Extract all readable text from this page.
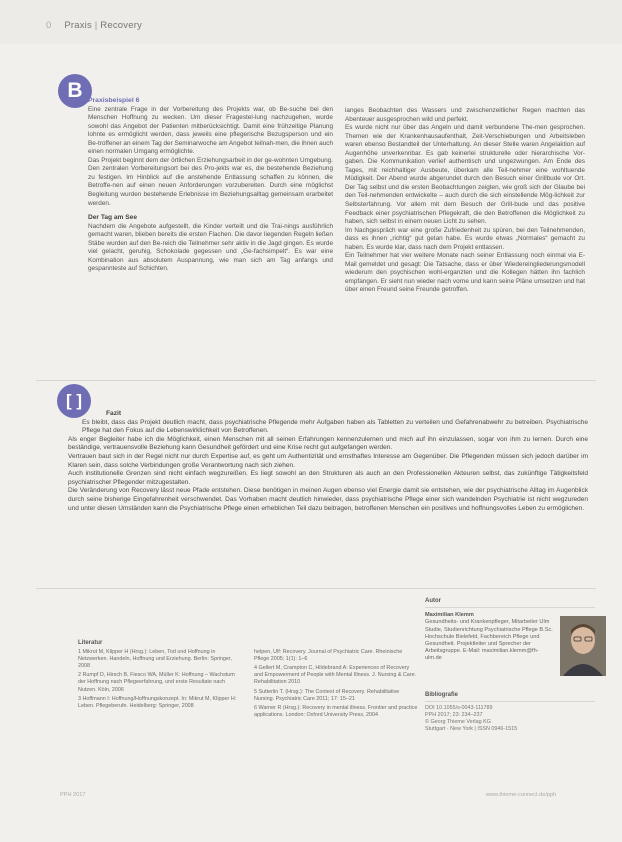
0 Praxis | Recovery
B Praxisbeispiel 6

Eine zentrale Frage in der Vorbereitung des Projekts war, ob Be-suche bei den Menschen Hoffnung zu wecken. Um dieser Fragestel-lung nachzugehen, wurde sowohl das Angebot der Patienten mitberücksichtigt. Damit eine frühzeitige Planung lohnte es ermöglicht werden, dass jeweils eine pflegerische Bezugsperson und ein Be-troffener an einem Tag der Seminarwoche am Angebot teilnah-men, die ihnen auch einen normalen Umgang ermöglichte.

Das Projekt beginnt dem der örtlichen Erziehungsarbeit in der ge-wohnten Umgebung. Den zentralen Vorbereitungsort bei des Pro-jekts war es, die bestehende Beziehung zu festigen. Im Hinblick auf die anstehende Entlassung schaffen zu können, die Betroffe-nen auf einen neuen Anforderungen vorzubereiten. Durch eine möglichst Begleitung wurden bestehende Erlebnisse im Beziehungsalltag gemeinsam erarbeitet werden.

Der Tag am See

Nachdem die Angebote aufgestellt, die Kinder verteilt und die Trai-nings ausführlich gemacht waren, blieben bereits die ersten Flachen. Die davor liegenden Regeln ließen Stäbe wurden auf den Be-reich die Teilnehmer sehr aktiv in die Jagd gingen. Es wurde viel gelacht, geruhig, Schokolade gegessen und „Ge-fachsimpelt“. Es war eine Kombination aus absolutem Auspannung, wie man sich am Tag anfangs und gespannteste auf Schichten.

langes Beobachten des Wassers und zwischenzeitlicher Regen machten das Abenteuer ausgesprochen wild und perfekt.

Es wurde nicht nur über das Angeln und damit verbundene The-men gesprochen. Themen wie der Krankenhausaufenthalt, Zeit-Verschiebungen und Arbeitsleben waren ebenso Bestandteil der Unterhaltung. An dieser Stelle waren Angelaktion auf Augenhöhe unverkennbar. Es gab keinerlei strukturelle oder hierarchische Vor-gaben. Die Kommunikation verlief authentisch und ungezwungen. Am Ende des Tages, mit reichhaltiger Ausbeute, überkam alle Teil-nehmer eine wohltuende Müdigkeit. Der Abend wurde abgerundet durch den Besuch einer Grillbude vor Ort. Der Tag selbst und die ersten Beobachtungen zeigten, wie groß sich der Glaube bei den Teil-nehmenden entwickelte – auch durch die sich einstellende Mög-lichkeit zur Selbsterfahrung. Vor allem mit dem Besuch der Grill-bude und das positive Feedback einer psychiatrischen Pflegekraft, die den Betroffenen die Möglichkeit zu haben, sich selbst in einem neuen Licht zu sehen.

Im Nachgespräch war eine große Zufriedenheit zu spüren, bei den Teilnehmenden, dass es ihnen „richtig“ gut getan habe. Es wurde etwas „Normales“ gemacht zu haben. Es wurde klar, dass nach dem Projekt entlassen.

Ein Teilnehmer hat vier weitere Monate nach seiner Entlassung noch einmal via E-Mail gemeldet und gesagt: Die Tatsache, dass er über Wiedereingliederungsmodell wiederum den psychischen wohl-erganzten und die Kollegen hätten ihn fachlich empfangen. Er sieht nun wieder nach vorne und kann seine Pläne umsetzen und hat über einen Freund seine Freunde getroffen.

[ ]

Fazit

Es bleibt, dass das Projekt deutlich macht, dass psychiatrische Pflegende mehr Aufgaben haben als Tabletten zu verteilen und Gefahrenabwehr zu betreiben. Psychiatrische Pflege hat den Fokus auf die Lebenswirklichkeit von Betroffenen.

Als enger Begleiter habe ich die Möglichkeit, einen Menschen mit all seinen Erfahrungen kennenzulernen und mich auf ihn einzulassen, sogar von ihm zu lernen. Durch eine beständige, vertrauensvolle Beziehung kann Gesundheit gefördert und eine Krise recht gut aufgefangen werden.

Vertrauen baut sich in der Regel nicht nur durch Expertise auf, es geht um Authentizität und ernsthaftes Interesse am Gegenüber. Die Pflegenden müssen sich jedoch darüber im Klaren sein, dass solche Verbindungen große Verantwortung nach sich ziehen.

Auch institutionelle Grenzen sind nicht einfach wegzureißen. Es liegt sowohl an den Strukturen als auch an den Professionellen Akteuren selbst, das zukünftige Tätigkeitsfeld psychiatrischer Pflegender mitzugestalten.

Die Veränderung von Recovery lässt neue Pfade entstehen. Diese benötigen in meinen Augen ebenso viel Energie damit sie entstehen, wie der psychiatrische Alltag im Augenblick durch seine bisherige Eingefahrenheit verschwendet. Das Vorhaben macht deutlich hinwieder, dass psychiatrische Pflege einer sich wandelnden Psychiatrie ist nicht wegzureden und unter diesen Umständen kann die Psychiatrische Pflege einen erheblichen Teil dazu beitragen, betroffenen Menschen ein positives und hoffnungsvolles Leben zu ermöglichen.

Literatur

1 Mikrut M, Klipper H (Hrsg.): Leben, Tod und Hoffnung in Netzwerken. Handeln, Hoffnung und Erziehung. Berlin: Springer, 2008

2 Rumpf D, Hirsch B, Fiesco WA, Müller K: Hoffnung – Wachstum der Hoffnung nach Pflegeerfahrung, und erste Resultate nach Nutzen. Köln, 2006

3 Hoffmann I: Hoffnung/Hoffnungskonzept. In: Mikrut M, Klipper H: Leben. Pflegeberufe. Heidelberg: Springer, 2008

helpen, Ulf: Recovery. Journal of Psychiatric Care. Rheinische Pflege 2005; 1(1): 1–6

4 Gellert M, Crampton C, Hildebrand A: Experiences of Recovery and Empowerment of People with Mental Illness. J. Nursing & Care. Rehabilitation 2010

5 Sutterlin T. (Hrsg.): The Context of Recovery. Rehabilitative Nursing. Psychiatric Care 2011; 17: 15–21

6 Warner R (Hrsg.): Recovery in mental illness. Frontier and practice applications. London: Oxford University Press, 2004

Autor

Maximilian Klemm

Gesundheits- und Krankenpfleger, Mitarbeiter Ulm Studie, Studienrichtung Psychiatrische Pflege B.Sc. Hochschule Bielefeld, Fachbereich Pflege und Gesundheit. Projektleiter und Sprecher der Arbeitsgruppe. E-Mail: maximilian.klemm@fh-ulm.de

Bibliografie

DOI 10.1055/s-0043-111789

PPH 2017; 23: 234–237

© Georg Thieme Verlag KG

Stuttgart · New York | ISSN 0946-1515

PPH 2017	www.thieme-connect.de/pph
